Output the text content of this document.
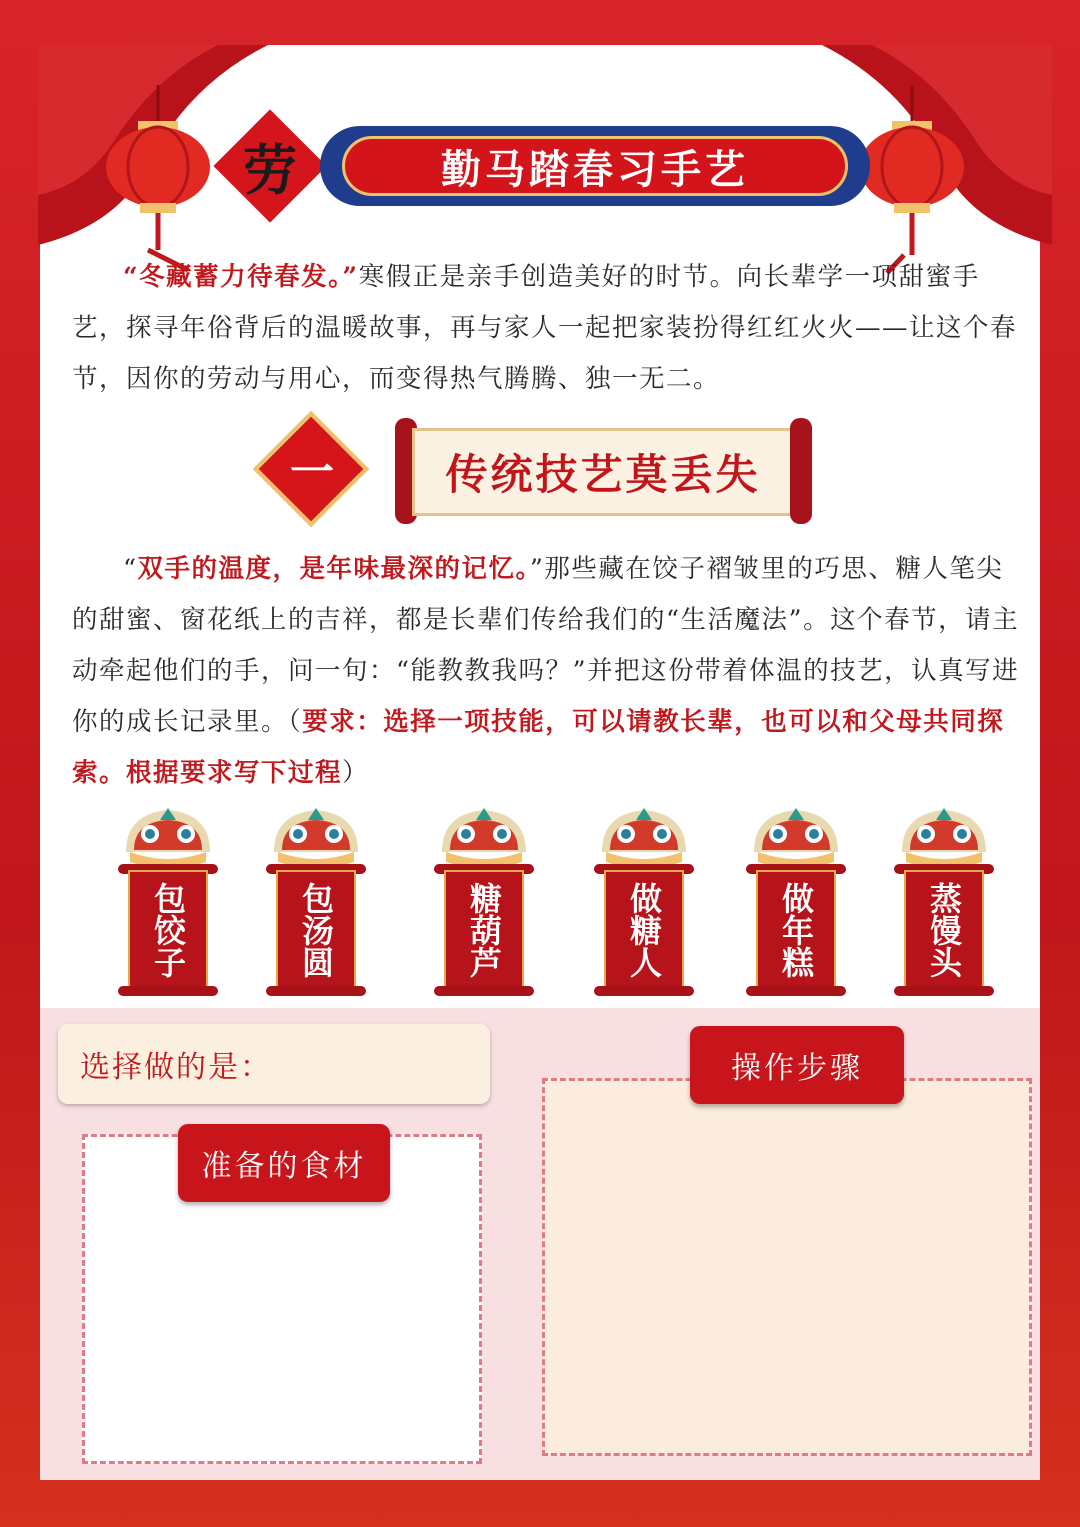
劳	勤马踏春习手艺

“冬藏蓄力待春发。”寒假正是亲手创造美好的时节。向长辈学一项甜蜜手艺，探寻年俗背后的温暖故事，再与家人一起把家装扮得红红火火——让这个春节，因你的劳动与用心，而变得热气腾腾、独一无二。

一	传统技艺莫丢失

“双手的温度，是年味最深的记忆。”那些藏在饺子褶皱里的巧思、糖人笔尖的甜蜜、窗花纸上的吉祥，都是长辈们传给我们的“生活魔法”。这个春节，请主动牵起他们的手，问一句：“能教教我吗？”并把这份带着体温的技艺，认真写进你的成长记录里。（要求：选择一项技能，可以请教长辈，也可以和父母共同探索。根据要求写下过程）

包饺子	包汤圆	糖葫芦	做糖人	做年糕	蒸馒头
选择做的是：
准备的食材
操作步骤
